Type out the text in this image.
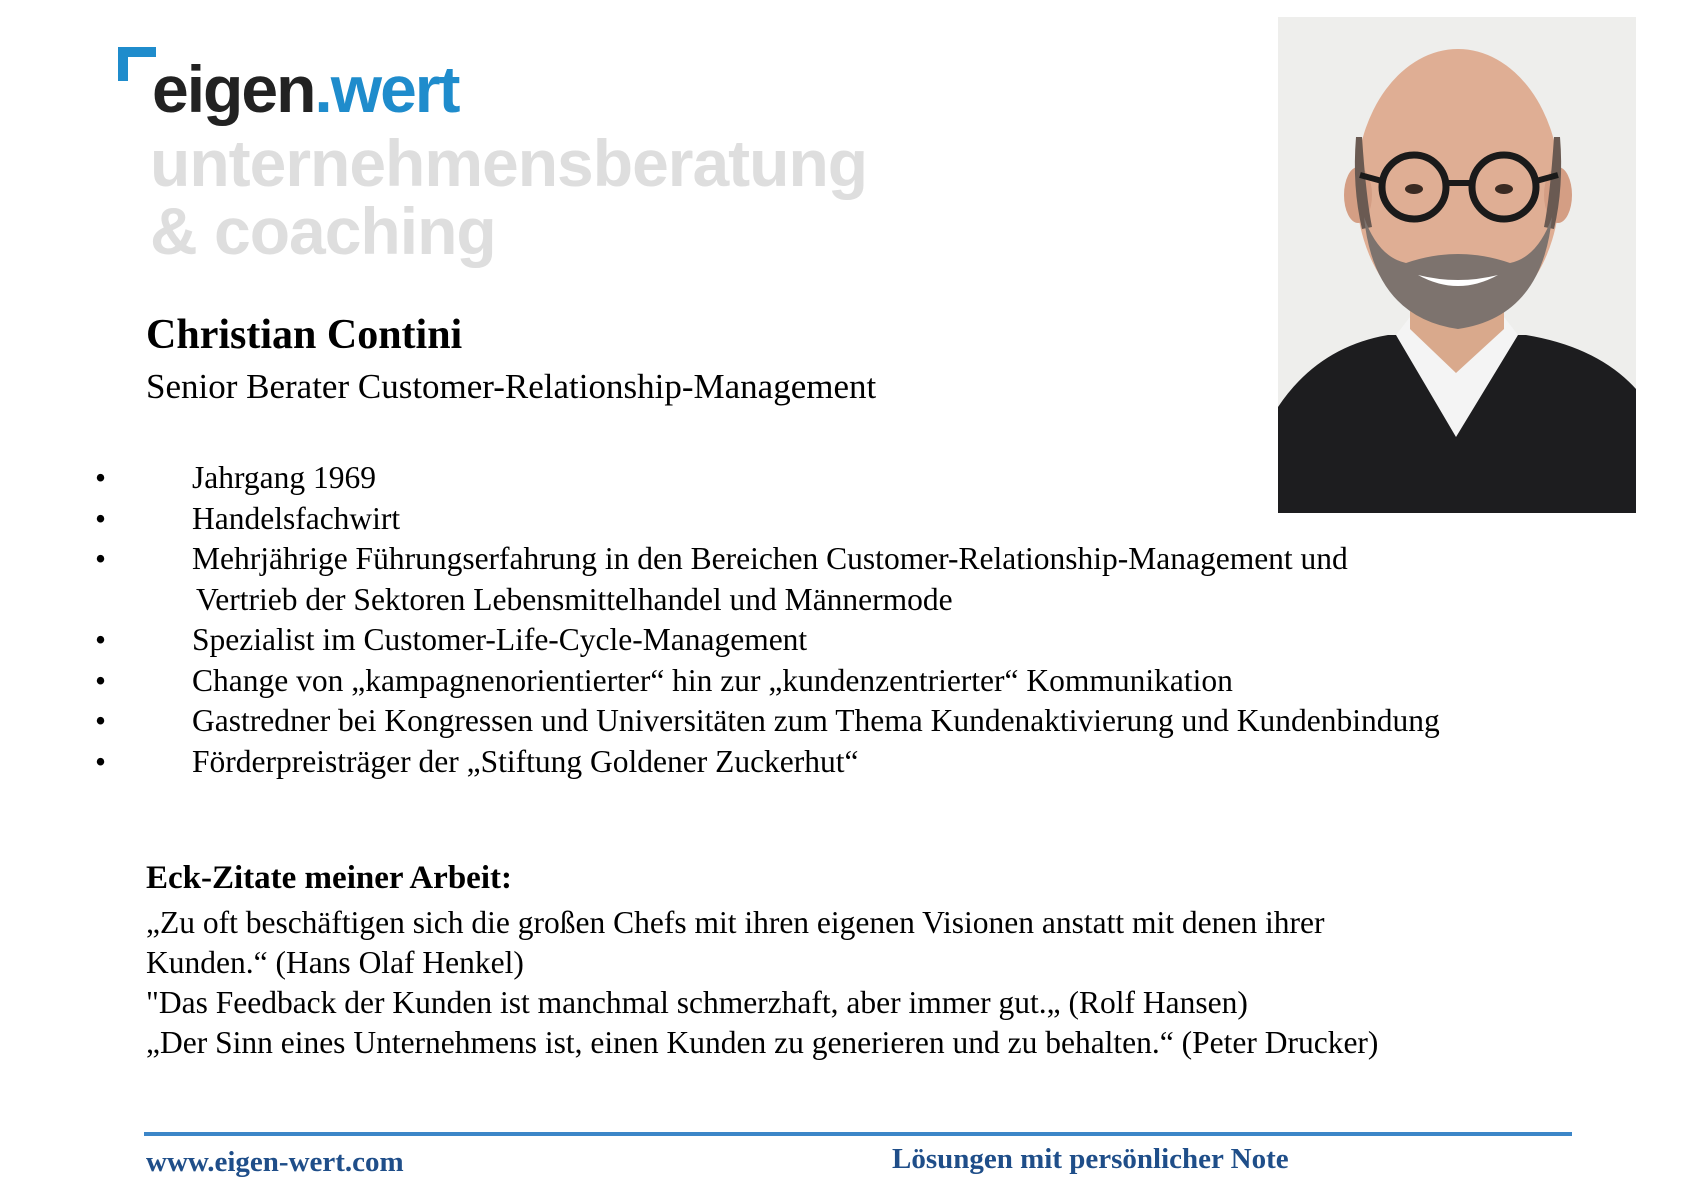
eigen.wert
unternehmensberatung
& coaching
Christian Contini
Senior Berater Customer-Relationship-Management
•	Jahrgang 1969
•	Handelsfachwirt
•	Mehrjährige Führungserfahrung in den Bereichen Customer-Relationship-Management und
Vertrieb der Sektoren Lebensmittelhandel und Männermode
•	Spezialist im Customer-Life-Cycle-Management
•	Change von „kampagnenorientierter“ hin zur „kundenzentrierter“ Kommunikation
•	Gastredner bei Kongressen und Universitäten zum Thema Kundenaktivierung und Kundenbindung
•	Förderpreisträger der „Stiftung Goldener Zuckerhut“
Eck-Zitate meiner Arbeit:
„Zu oft beschäftigen sich die großen Chefs mit ihren eigenen Visionen anstatt mit denen ihrer
Kunden.“ (Hans Olaf Henkel)
"Das Feedback der Kunden ist manchmal schmerzhaft, aber immer gut.„ (Rolf Hansen)
„Der Sinn eines Unternehmens ist, einen Kunden zu generieren und zu behalten.“ (Peter Drucker)
www.eigen-wert.com	Lösungen mit persönlicher Note
